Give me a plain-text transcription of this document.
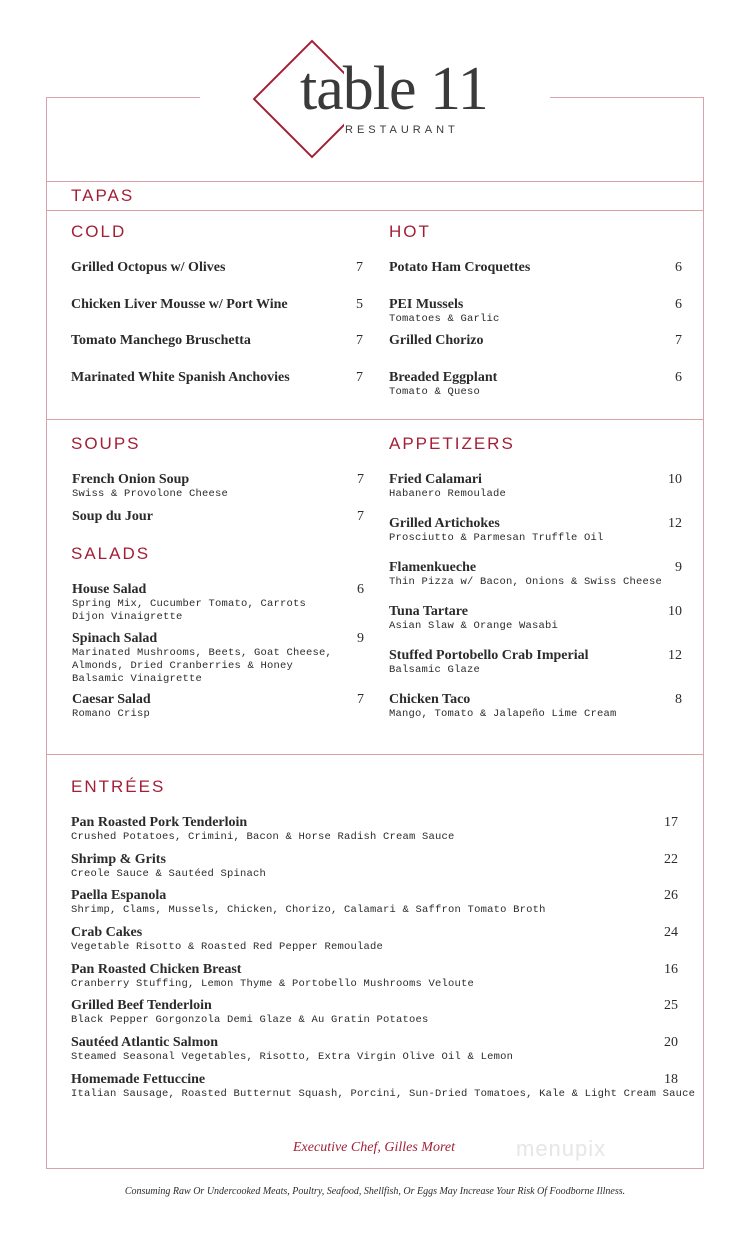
table 11
RESTAURANT
TAPAS
COLD	HOT
SOUPS
SALADS
APPETIZERS
ENTRÉES
Grilled Octopus w/ Olives	7
Chicken Liver Mousse w/ Port Wine	5
Tomato Manchego Bruschetta	7
Marinated White Spanish Anchovies	7
Potato Ham Croquettes	6
PEI Mussels
Tomatoes & Garlic
6
Grilled Chorizo	7
Breaded Eggplant
Tomato & Queso
6
French Onion Soup
Swiss & Provolone Cheese
7
Soup du Jour	7
House Salad
Spring Mix, Cucumber Tomato, Carrots
Dijon Vinaigrette
6
Spinach Salad
Marinated Mushrooms, Beets, Goat Cheese,
Almonds, Dried Cranberries & Honey
Balsamic Vinaigrette
9
Caesar Salad
Romano Crisp
7
Fried Calamari
Habanero Remoulade
10
Grilled Artichokes
Prosciutto & Parmesan Truffle Oil
12
Flamenkueche
Thin Pizza w/ Bacon, Onions & Swiss Cheese
9
Tuna Tartare
Asian Slaw & Orange Wasabi
10
Stuffed Portobello Crab Imperial
Balsamic Glaze
12
Chicken Taco
Mango, Tomato & Jalapeño Lime Cream
8
Pan Roasted Pork Tenderloin
Crushed Potatoes, Crimini, Bacon & Horse Radish Cream Sauce
17
Shrimp & Grits
Creole Sauce & Sautéed Spinach
22
Paella Espanola
Shrimp, Clams, Mussels, Chicken, Chorizo, Calamari & Saffron Tomato Broth
26
Crab Cakes
Vegetable Risotto & Roasted Red Pepper Remoulade
24
Pan Roasted Chicken Breast
Cranberry Stuffing, Lemon Thyme & Portobello Mushrooms Veloute
16
Grilled Beef Tenderloin
Black Pepper Gorgonzola Demi Glaze & Au Gratin Potatoes
25
Sautéed Atlantic Salmon
Steamed Seasonal Vegetables, Risotto, Extra Virgin Olive Oil & Lemon
20
Homemade Fettuccine
Italian Sausage, Roasted Butternut Squash, Porcini, Sun-Dried Tomatoes, Kale & Light Cream Sauce
18
Executive Chef, Gilles Moret	menupix
Consuming Raw Or Undercooked Meats, Poultry, Seafood, Shellfish, Or Eggs May Increase Your Risk Of Foodborne Illness.
